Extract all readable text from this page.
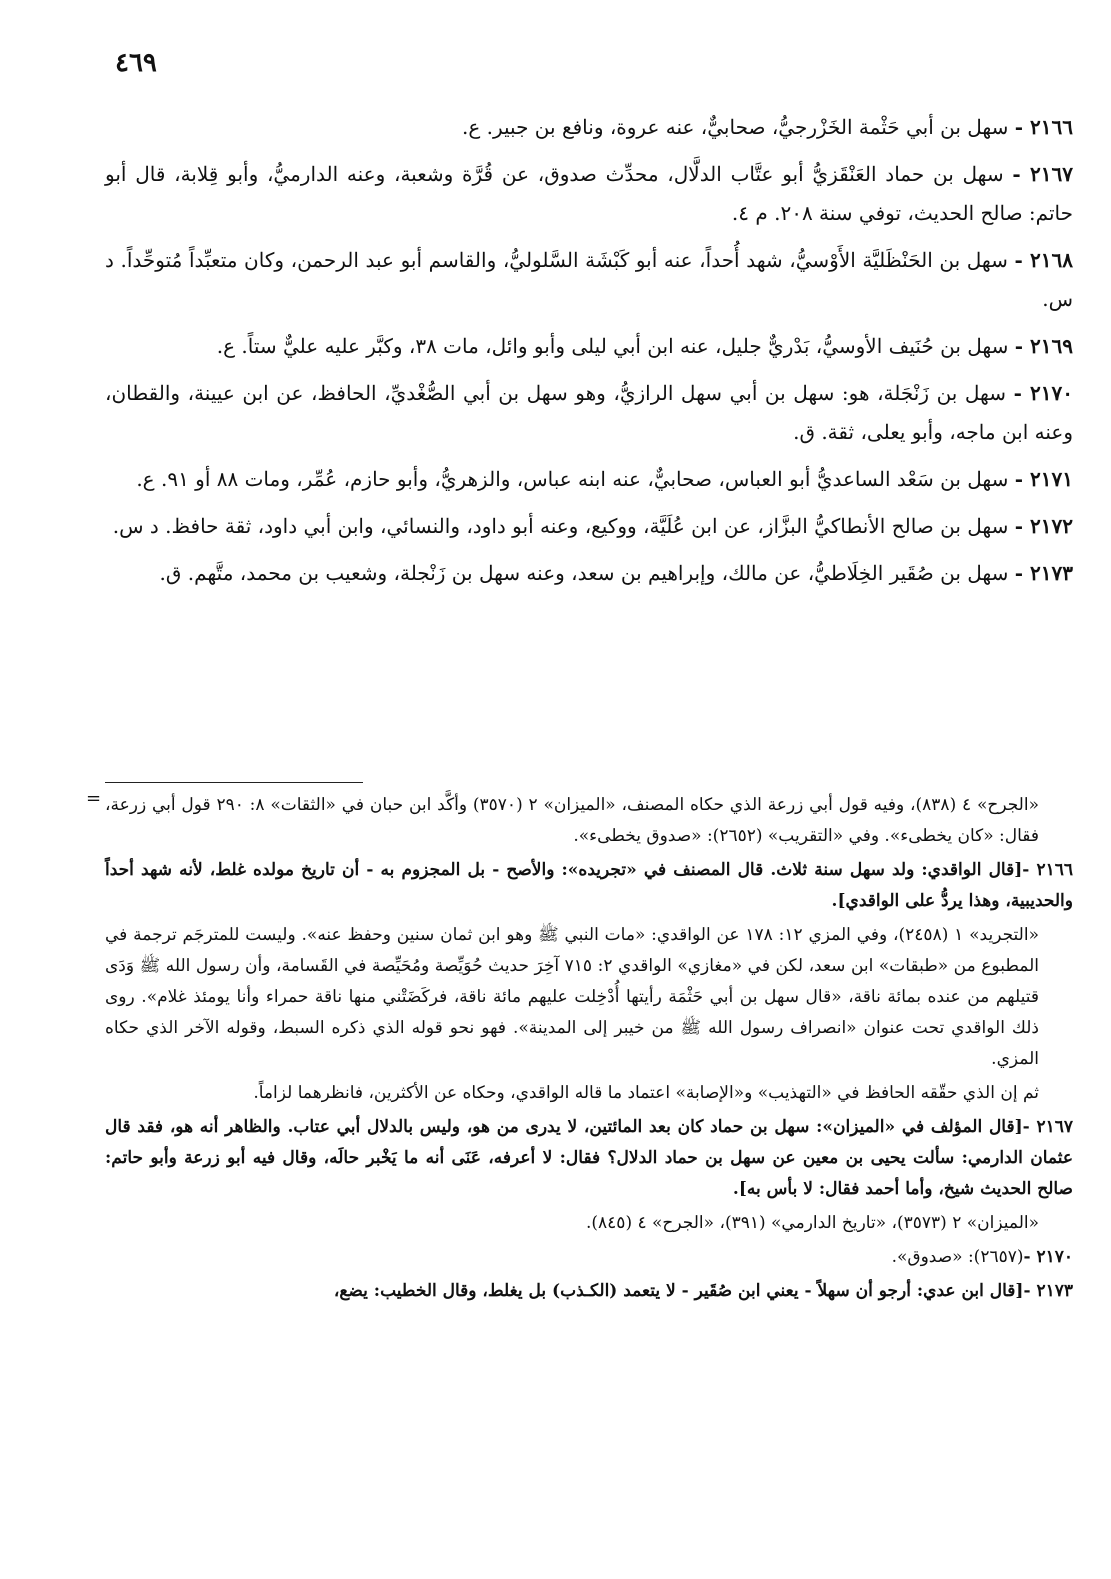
٤٦٩

٢١٦٦ - سهل بن أبي حَثْمة الخَزْرجيُّ، صحابيٌّ، عنه عروة، ونافع بن جبير. ع.

٢١٦٧ - سهل بن حماد العَنْقَزيُّ أبو عتَّاب الدلَّال، محدِّث صدوق، عن قُرَّة وشعبة، وعنه الدارميُّ، وأبو قِلابة، قال أبو حاتم: صالح الحديث، توفي سنة ٢٠٨. م ٤.

٢١٦٨ - سهل بن الحَنْظَليَّة الأَوْسيُّ، شهد أُحداً، عنه أبو كَبْشَة السَّلوليُّ، والقاسم أبو عبد الرحمن، وكان متعبِّداً مُتوحِّداً. د س.

٢١٦٩ - سهل بن حُنَيف الأوسيُّ، بَدْريٌّ جليل، عنه ابن أبي ليلى وأبو وائل، مات ٣٨، وكبَّر عليه عليٌّ ستاً. ع.

٢١٧٠ - سهل بن زَنْجَلة، هو: سهل بن أبي سهل الرازيُّ، وهو سهل بن أبي الصُّغْديِّ، الحافظ، عن ابن عيينة، والقطان، وعنه ابن ماجه، وأبو يعلى، ثقة. ق.

٢١٧١ - سهل بن سَعْد الساعديُّ أبو العباس، صحابيٌّ، عنه ابنه عباس، والزهريُّ، وأبو حازم، عُمِّر، ومات ٨٨ أو ٩١. ع.

٢١٧٢ - سهل بن صالح الأنطاكيُّ البزَّاز، عن ابن عُلَيَّة، ووكيع، وعنه أبو داود، والنسائي، وابن أبي داود، ثقة حافظ. د س.

٢١٧٣ - سهل بن صُقَير الخِلَاطيُّ، عن مالك، وإبراهيم بن سعد، وعنه سهل بن زَنْجلة، وشعيب بن محمد، متَّهم. ق.

= «الجرح» ٤ (٨٣٨)، وفيه قول أبي زرعة الذي حكاه المصنف، «الميزان» ٢ (٣٥٧٠) وأكَّد ابن حبان في «الثقات» ٨: ٢٩٠ قول أبي زرعة، فقال: «كان يخطىء». وفي «التقريب» (٢٦٥٢): «صدوق يخطىء».

٢١٦٦ -[قال الواقدي: ولد سهل سنة ثلاث. قال المصنف في «تجريده»: والأصح - بل المجزوم به - أن تاريخ مولده غلط، لأنه شهد أحداً والحديبية، وهذا يردُّ على الواقدي].

«التجريد» ١ (٢٤٥٨)، وفي المزي ١٢: ١٧٨ عن الواقدي: «مات النبي ﷺ وهو ابن ثمان سنين وحفظ عنه». وليست للمترجَم ترجمة في المطبوع من «طبقات» ابن سعد، لكن في «مغازي» الواقدي ٢: ٧١٥ آخِرَ حديث حُوَيِّصة ومُحَيِّصة في القَسامة، وأن رسول الله ﷺ وَدَى قتيلهم من عنده بمائة ناقة، «قال سهل بن أبي حَثْمَة رأيتها أُدْخِلت عليهم مائة ناقة، فركَضَتْني منها ناقة حمراء وأنا يومئذ غلام». روى ذلك الواقدي تحت عنوان «انصراف رسول الله ﷺ من خيبر إلى المدينة». فهو نحو قوله الذي ذكره السبط، وقوله الآخر الذي حكاه المزي.

ثم إن الذي حقّقه الحافظ في «التهذيب» و«الإصابة» اعتماد ما قاله الواقدي، وحكاه عن الأكثرين، فانظرهما لزاماً.

٢١٦٧ -[قال المؤلف في «الميزان»: سهل بن حماد كان بعد المائتين، لا يدرى من هو، وليس بالدلال أبي عتاب. والظاهر أنه هو، فقد قال عثمان الدارمي: سألت يحيى بن معين عن سهل بن حماد الدلال؟ فقال: لا أعرفه، عَنَى أنه ما يَخْبر حالَه، وقال فيه أبو زرعة وأبو حاتم: صالح الحديث شيخ، وأما أحمد فقال: لا بأس به].

«الميزان» ٢ (٣٥٧٣)، «تاريخ الدارمي» (٣٩١)، «الجرح» ٤ (٨٤٥).

٢١٧٠ -(٢٦٥٧): «صدوق».

٢١٧٣ -[قال ابن عدي: أرجو أن سهلاً - يعني ابن صُقَير - لا يتعمد (الكـذب) بل يغلط، وقال الخطيب: يضع،
